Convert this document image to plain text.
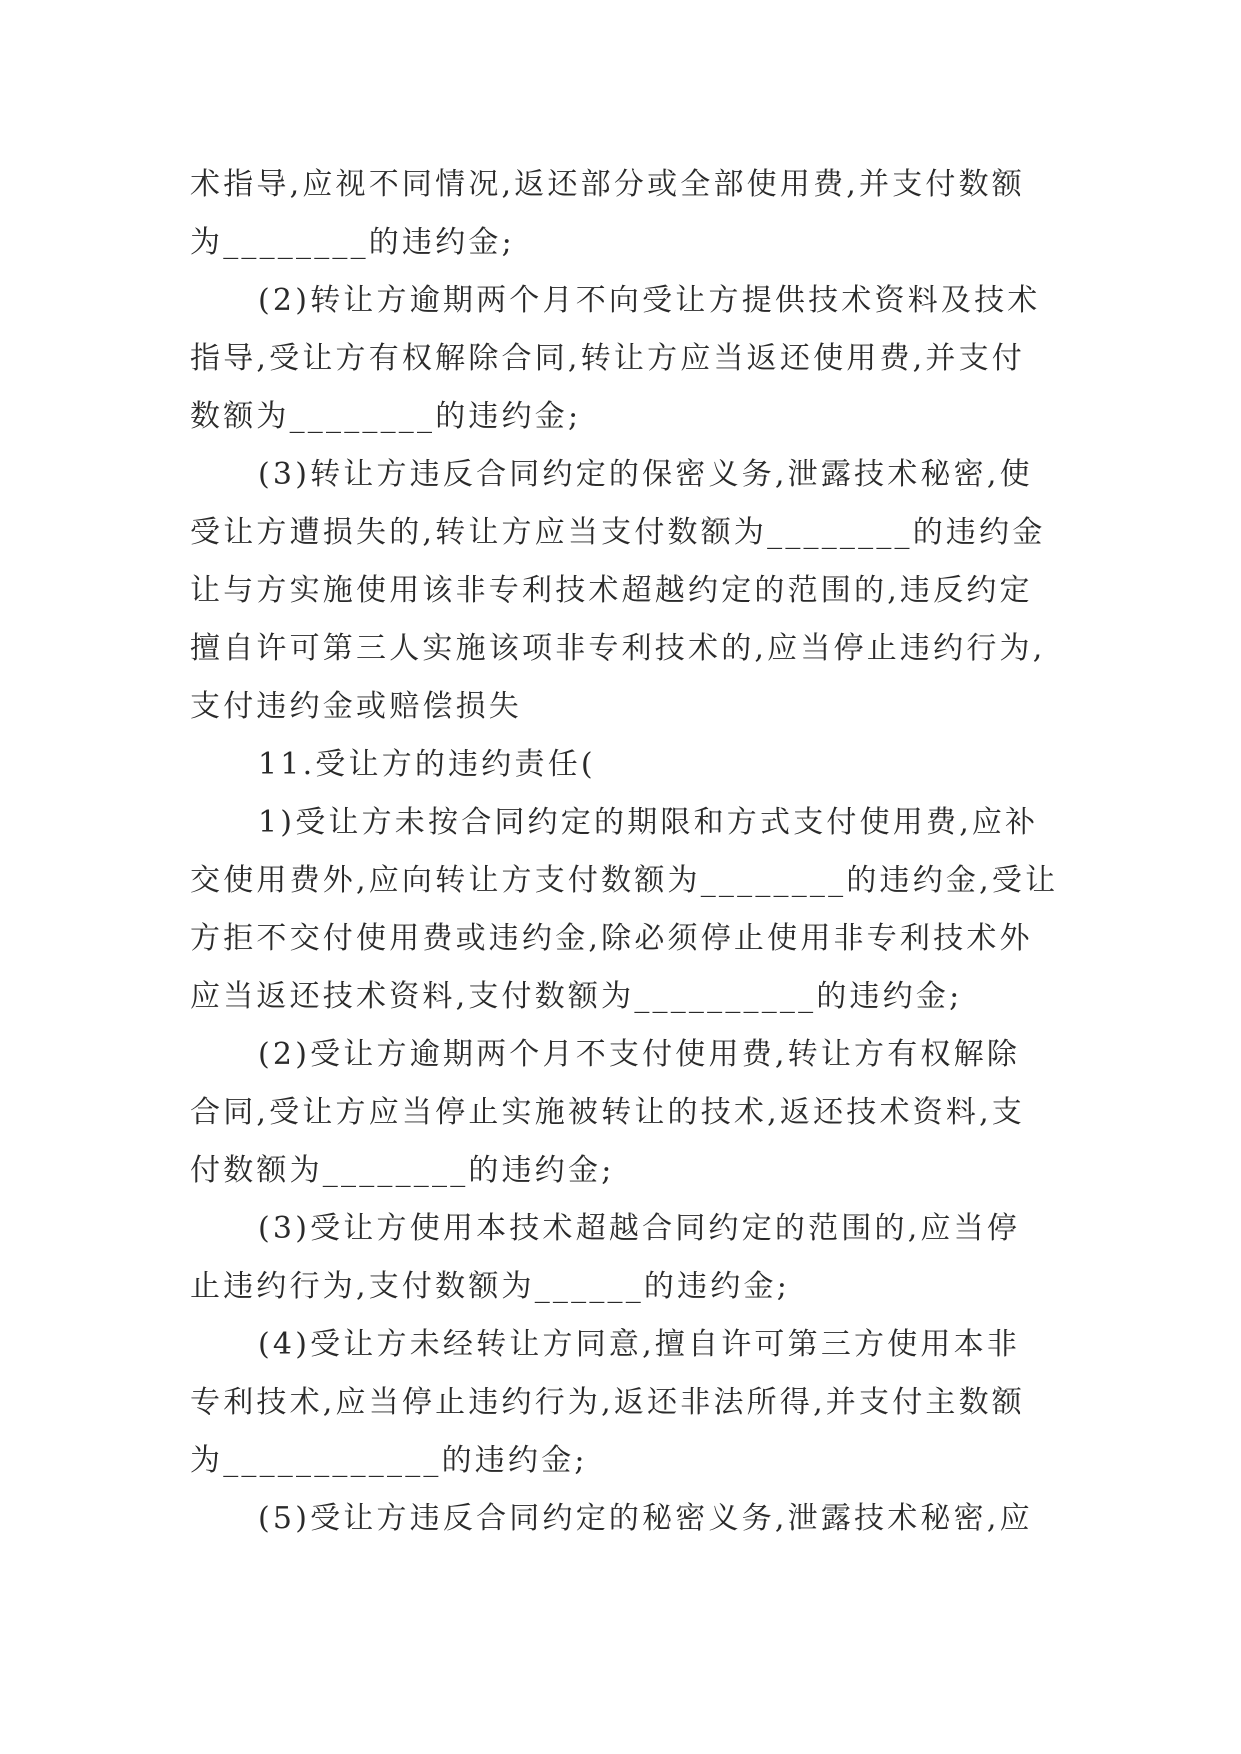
术指导,应视不同情况,返还部分或全部使用费,并支付数额
为________的违约金;
(2)转让方逾期两个月不向受让方提供技术资料及技术
指导,受让方有权解除合同,转让方应当返还使用费,并支付
数额为________的违约金;
(3)转让方违反合同约定的保密义务,泄露技术秘密,使
受让方遭损失的,转让方应当支付数额为________的违约金
让与方实施使用该非专利技术超越约定的范围的,违反约定
擅自许可第三人实施该项非专利技术的,应当停止违约行为,
支付违约金或赔偿损失
11.受让方的违约责任(
1)受让方未按合同约定的期限和方式支付使用费,应补
交使用费外,应向转让方支付数额为________的违约金,受让
方拒不交付使用费或违约金,除必须停止使用非专利技术外
应当返还技术资料,支付数额为__________的违约金;
(2)受让方逾期两个月不支付使用费,转让方有权解除
合同,受让方应当停止实施被转让的技术,返还技术资料,支
付数额为________的违约金;
(3)受让方使用本技术超越合同约定的范围的,应当停
止违约行为,支付数额为______的违约金;
(4)受让方未经转让方同意,擅自许可第三方使用本非
专利技术,应当停止违约行为,返还非法所得,并支付主数额
为____________的违约金;
(5)受让方违反合同约定的秘密义务,泄露技术秘密,应
